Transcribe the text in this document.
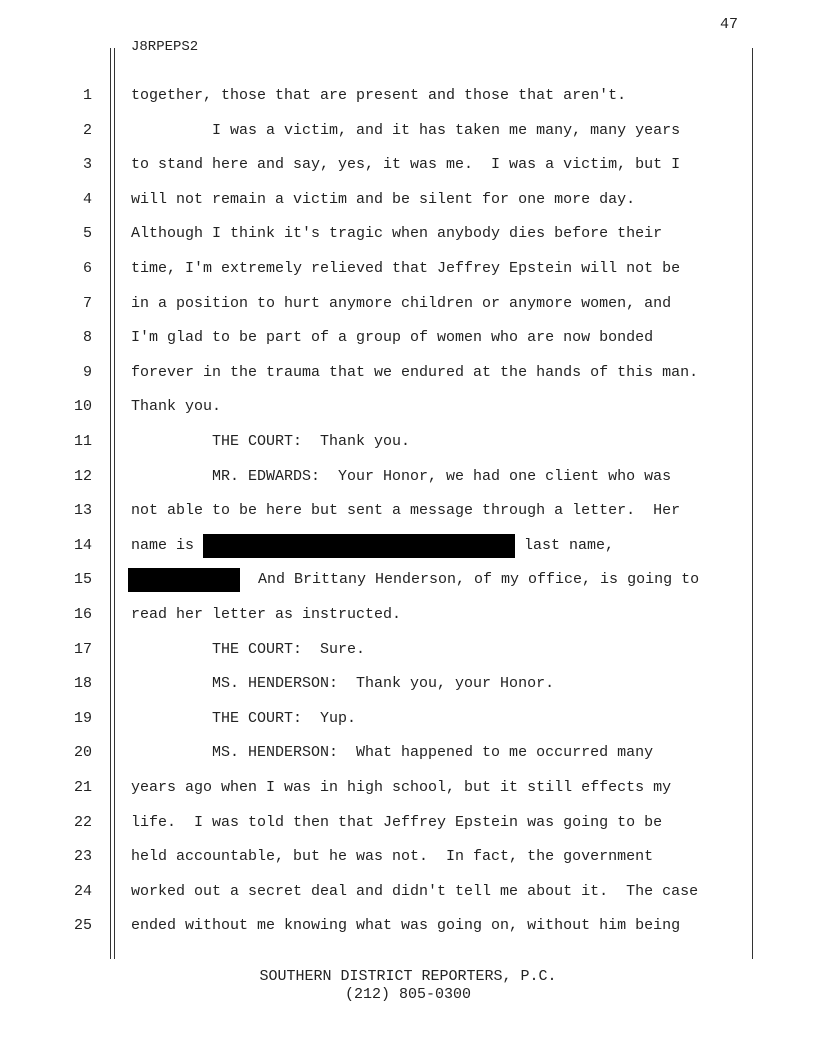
47
J8RPEPS2
1	together, those that are present and those that aren't.
2	I was a victim, and it has taken me many, many years
3	to stand here and say, yes, it was me.  I was a victim, but I
4	will not remain a victim and be silent for one more day.
5	Although I think it's tragic when anybody dies before their
6	time, I'm extremely relieved that Jeffrey Epstein will not be
7	in a position to hurt anymore children or anymore women, and
8	I'm glad to be part of a group of women who are now bonded
9	forever in the trauma that we endured at the hands of this man.
10	Thank you.
11	THE COURT:  Thank you.
12	MR. EDWARDS:  Your Honor, we had one client who was
13	not able to be here but sent a message through a letter.  Her
14	name is	last name,
15	And Brittany Henderson, of my office, is going to
16	read her letter as instructed.
17	THE COURT:  Sure.
18	MS. HENDERSON:  Thank you, your Honor.
19	THE COURT:  Yup.
20	MS. HENDERSON:  What happened to me occurred many
21	years ago when I was in high school, but it still effects my
22	life.  I was told then that Jeffrey Epstein was going to be
23	held accountable, but he was not.  In fact, the government
24	worked out a secret deal and didn't tell me about it.  The case
25	ended without me knowing what was going on, without him being
SOUTHERN DISTRICT REPORTERS, P.C.
(212) 805-0300
